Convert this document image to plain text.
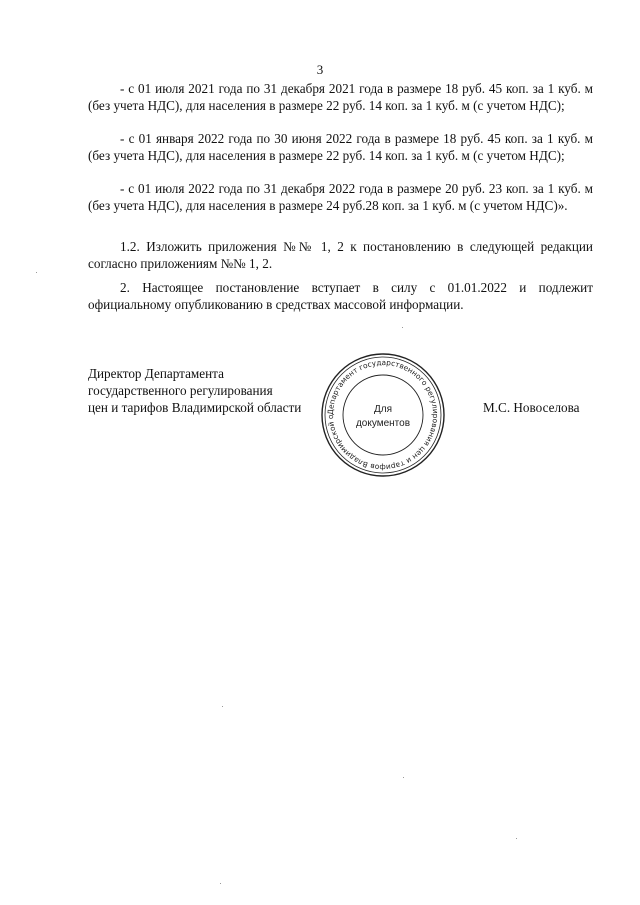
3

- с 01 июля 2021 года по 31 декабря 2021 года в размере 18 руб. 45 коп. за 1 куб. м (без учета НДС), для населения в размере 22 руб. 14 коп. за 1 куб. м (с учетом НДС);

- с 01 января 2022 года по 30 июня 2022 года в размере 18 руб. 45 коп. за 1 куб. м (без учета НДС), для населения в размере 22 руб. 14 коп. за 1 куб. м (с учетом НДС);

- с 01 июля 2022 года по 31 декабря 2022 года в размере 20 руб. 23 коп. за 1 куб. м (без учета НДС), для населения в размере 24 руб.28 коп. за 1 куб. м (с учетом НДС)».

1.2. Изложить приложения №№ 1, 2 к постановлению в следующей редакции согласно приложениям №№ 1, 2.

2. Настоящее постановление вступает в силу с 01.01.2022 и подлежит официальному опубликованию в средствах массовой информации.

Директор Департамента
государственного регулирования
цен и тарифов Владимирской области	Департамент государственного регулирования цен и тарифов Владимирской о
Для
документов
М.С. Новоселова
